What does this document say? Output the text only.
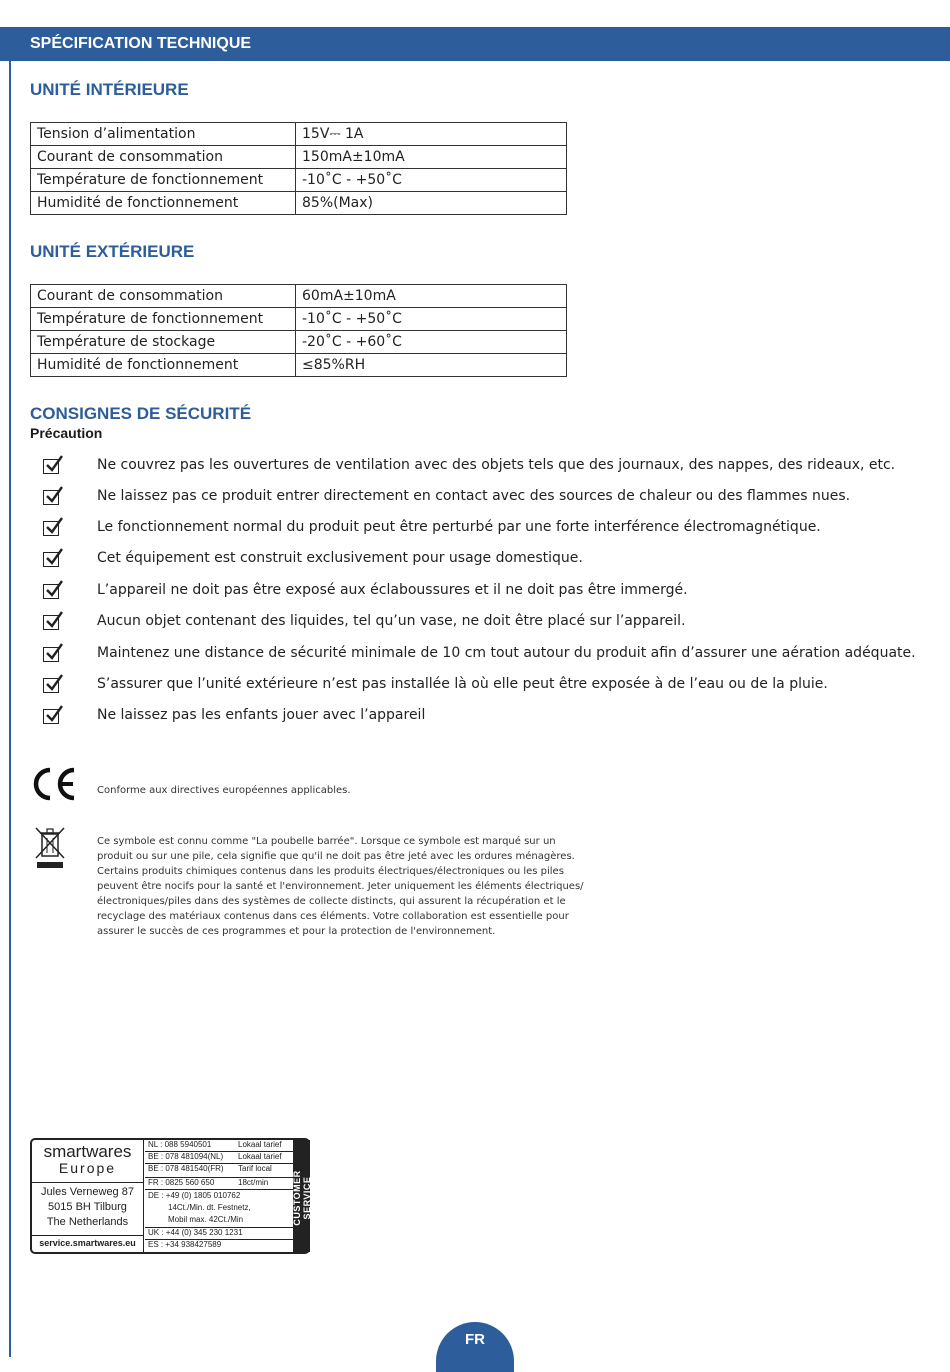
SPÉCIFICATION TECHNIQUE
UNITÉ INTÉRIEURE
Tension d’alimentation	15V⎓ 1A
Courant de consommation	150mA±10mA
Température de fonctionnement	-10˚C - +50˚C
Humidité de fonctionnement	85%(Max)
UNITÉ EXTÉRIEURE
Courant de consommation	60mA±10mA
Température de fonctionnement	-10˚C - +50˚C
Température de stockage	-20˚C - +60˚C
Humidité de fonctionnement	≤85%RH
CONSIGNES DE SÉCURITÉ
Précaution
Ne couvrez pas les ouvertures de ventilation avec des objets tels que des journaux, des nappes, des rideaux, etc.
Ne laissez pas ce produit entrer directement en contact avec des sources de chaleur ou des flammes nues.
Le fonctionnement normal du produit peut être perturbé par une forte interférence électromagnétique.
Cet équipement est construit exclusivement pour usage domestique.
L’appareil ne doit pas être exposé aux éclaboussures et il ne doit pas être immergé.
Aucun objet contenant des liquides, tel qu’un vase, ne doit être placé sur l’appareil.
Maintenez une distance de sécurité minimale de 10 cm tout autour du produit afin d’assurer une aération adéquate.
S’assurer que l’unité extérieure n’est pas installée là où elle peut être exposée à de l’eau ou de la pluie.
Ne laissez pas les enfants jouer avec l’appareil
Conforme aux directives européennes applicables.
Ce symbole est connu comme "La poubelle barrée". Lorsque ce symbole est marqué sur un
produit ou sur une pile, cela signifie que qu'il ne doit pas être jeté avec les ordures ménagères.
Certains produits chimiques contenus dans les produits électriques/électroniques ou les piles
peuvent être nocifs pour la santé et l'environnement. Jeter uniquement les éléments électriques/
électroniques/piles dans des systèmes de collecte distincts, qui assurent la récupération et le
recyclage des matériaux contenus dans ces éléments. Votre collaboration est essentielle pour
assurer le succès de ces programmes et pour la protection de l'environnement.
smartwares
Europe
Jules Verneweg 87
5015 BH Tilburg
The Netherlands
service.smartwares.eu
NL : 088 5940501	Lokaal tarief
BE : 078 481094(NL) Lokaal tarief
BE : 078 481540(FR) Tarif local
FR : 0825 560 650	18ct/min
DE : +49 (0) 1805 010762
14Ct./Min. dt. Festnetz,
Mobil max. 42Ct./Min
UK : +44 (0) 345 230 1231
ES : +34 938427589
CUSTOMER SERVICE
FR
